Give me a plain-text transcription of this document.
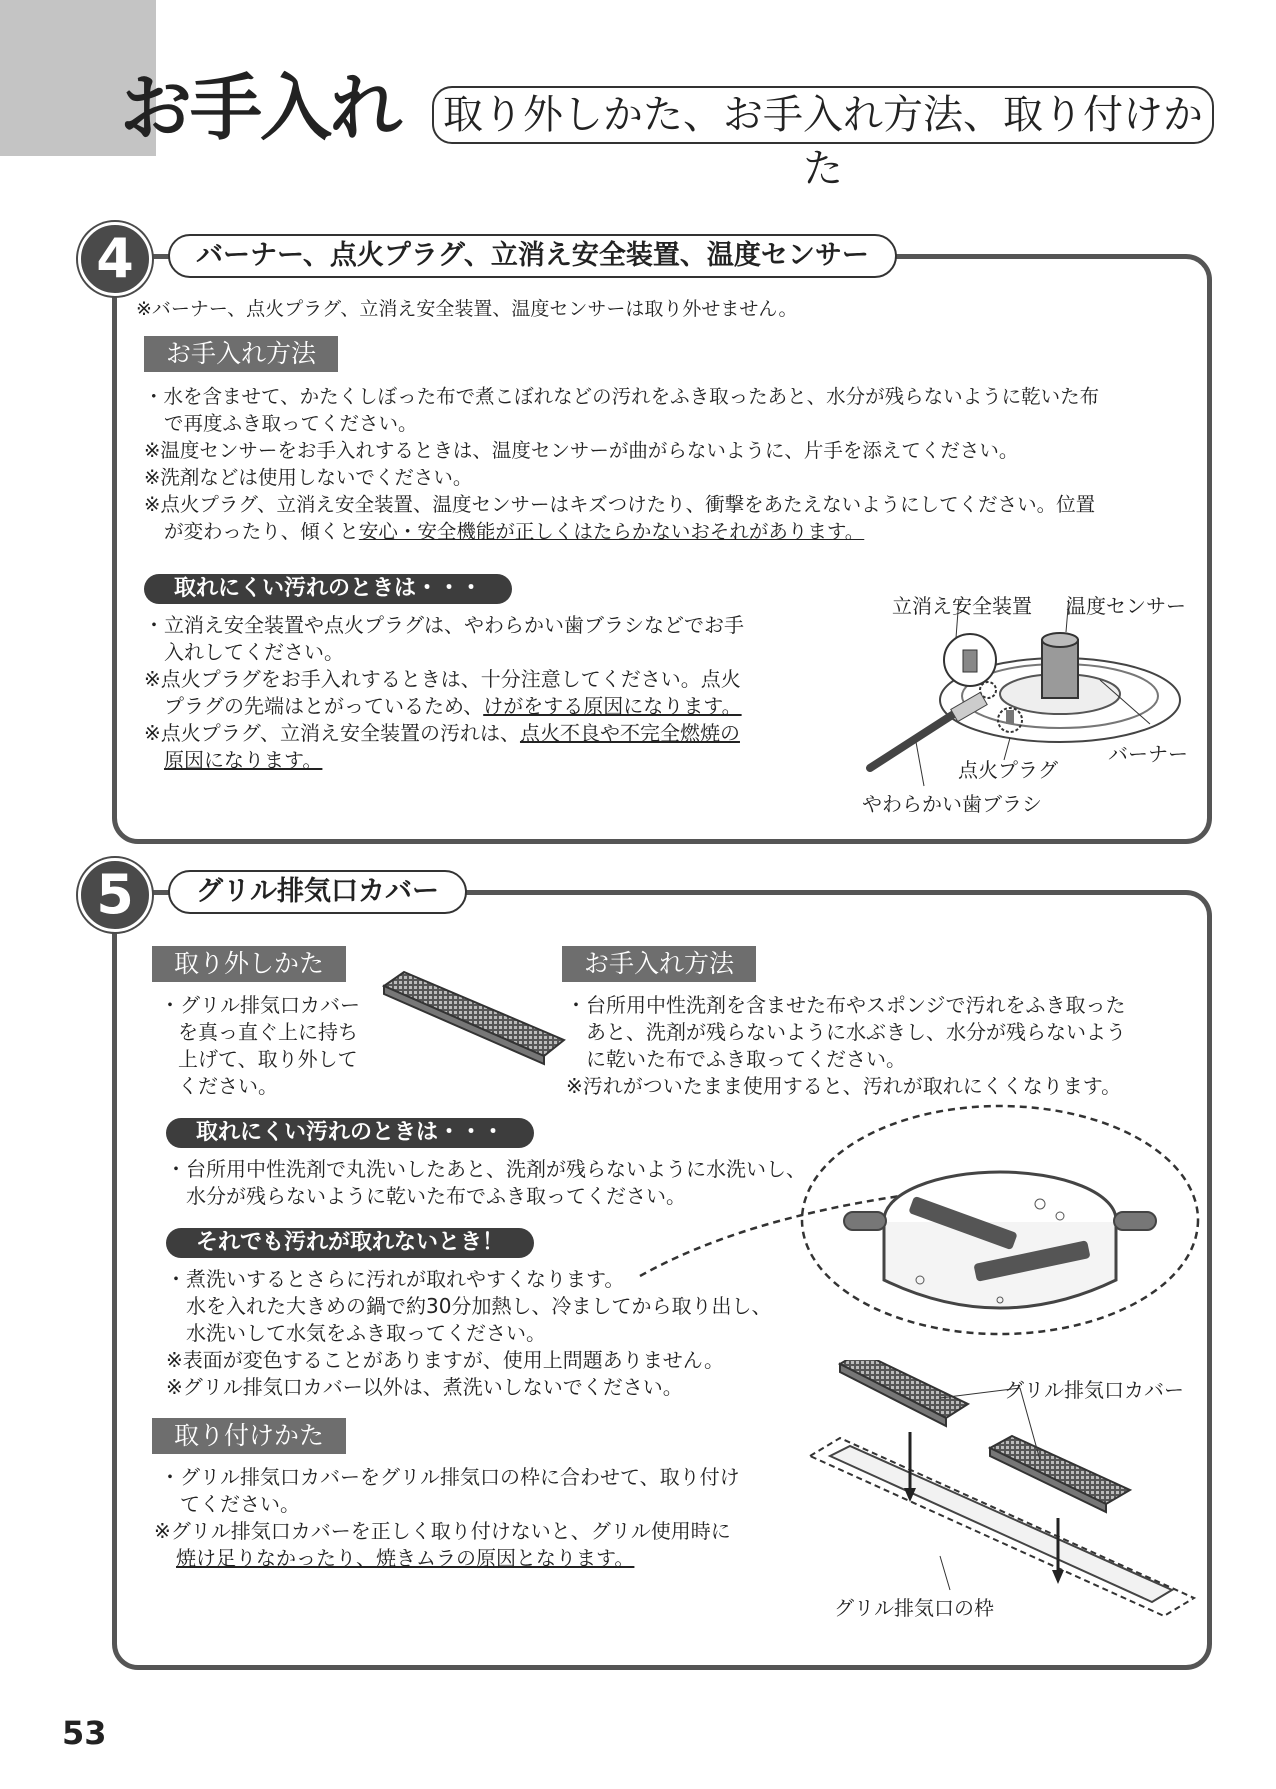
お手入れ 取り外しかた、お手入れ方法、取り付けかた
4	バーナー、点火プラグ、立消え安全装置、温度センサー
※バーナー、点火プラグ、立消え安全装置、温度センサーは取り外せません。
お手入れ方法

・水を含ませて、かたくしぼった布で煮こぼれなどの汚れをふき取ったあと、水分が残らないように乾いた布

で再度ふき取ってください。

※温度センサーをお手入れするときは、温度センサーが曲がらないように、片手を添えてください。

※洗剤などは使用しないでください。

※点火プラグ、立消え安全装置、温度センサーはキズつけたり、衝撃をあたえないようにしてください。位置

が変わったり、傾くと安心・安全機能が正しくはたらかないおそれがあります。

取れにくい汚れのときは・・・

・立消え安全装置や点火プラグは、やわらかい歯ブラシなどでお手

入れしてください。

※点火プラグをお手入れするときは、十分注意してください。点火

プラグの先端はとがっているため、けがをする原因になります。

※点火プラグ、立消え安全装置の汚れは、点火不良や不完全燃焼の

原因になります。

立消え安全装置 温度センサー
バーナー
点火プラグ
やわらかい歯ブラシ
5	グリル排気口カバー
取り外しかた

・グリル排気口カバー

を真っ直ぐ上に持ち

上げて、取り外して

ください。

お手入れ方法

・台所用中性洗剤を含ませた布やスポンジで汚れをふき取った

あと、洗剤が残らないように水ぶきし、水分が残らないよう

に乾いた布でふき取ってください。

※汚れがついたまま使用すると、汚れが取れにくくなります。

取れにくい汚れのときは・・・

・台所用中性洗剤で丸洗いしたあと、洗剤が残らないように水洗いし、

水分が残らないように乾いた布でふき取ってください。

それでも汚れが取れないとき！

・煮洗いするとさらに汚れが取れやすくなります。

水を入れた大きめの鍋で約30分加熱し、冷ましてから取り出し、

水洗いして水気をふき取ってください。

※表面が変色することがありますが、使用上問題ありません。

※グリル排気口カバー以外は、煮洗いしないでください。

取り付けかた

・グリル排気口カバーをグリル排気口の枠に合わせて、取り付け

てください。

※グリル排気口カバーを正しく取り付けないと、グリル使用時に

焼け足りなかったり、焼きムラの原因となります。

グリル排気口カバー
グリル排気口の枠
53
